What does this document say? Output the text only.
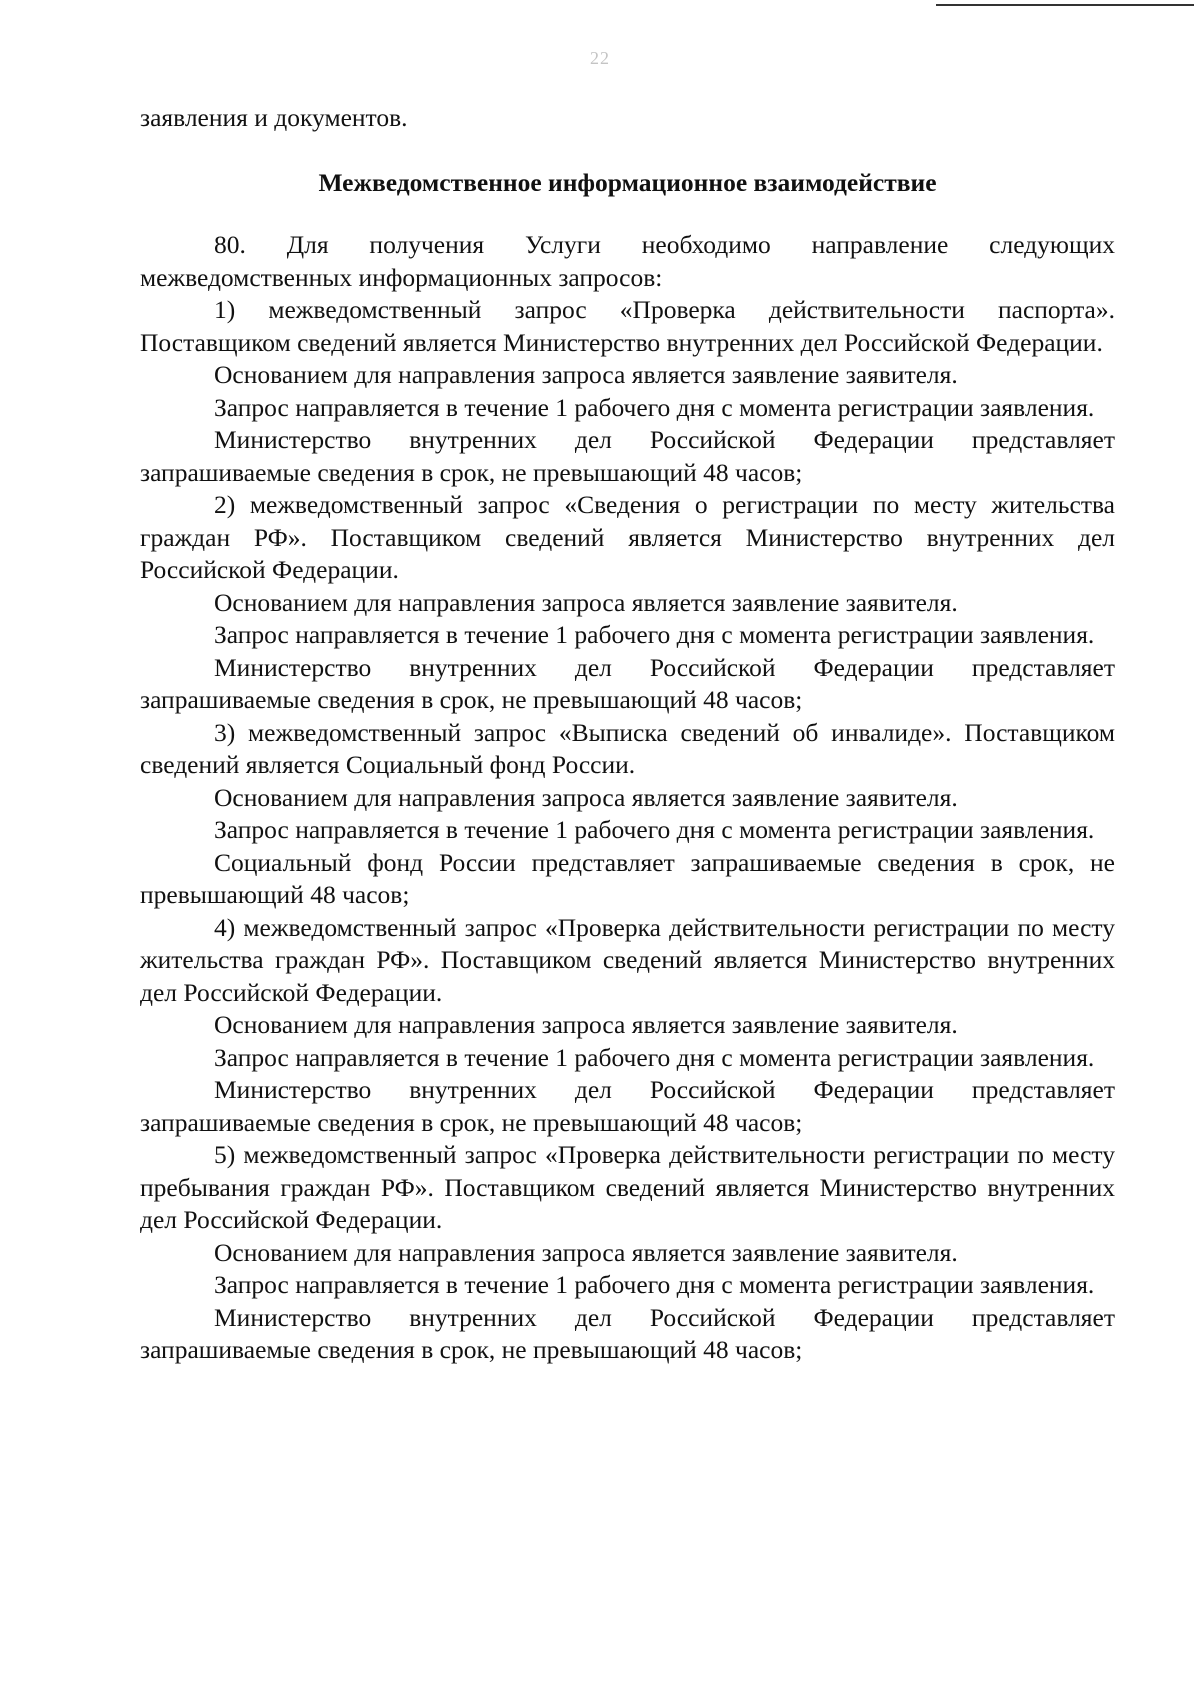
22

заявления и документов.

Межведомственное информационное взаимодействие

80. Для получения Услуги необходимо направление следующих межведомственных информационных запросов:

1) межведомственный запрос «Проверка действительности паспорта». Поставщиком сведений является Министерство внутренних дел Российской Федерации.

Основанием для направления запроса является заявление заявителя.

Запрос направляется в течение 1 рабочего дня с момента регистрации заявления.

Министерство внутренних дел Российской Федерации представляет запрашиваемые сведения в срок, не превышающий 48 часов;

2) межведомственный запрос «Сведения о регистрации по месту жительства граждан РФ». Поставщиком сведений является Министерство внутренних дел Российской Федерации.

Основанием для направления запроса является заявление заявителя.

Запрос направляется в течение 1 рабочего дня с момента регистрации заявления.

Министерство внутренних дел Российской Федерации представляет запрашиваемые сведения в срок, не превышающий 48 часов;

3) межведомственный запрос «Выписка сведений об инвалиде». Поставщиком сведений является Социальный фонд России.

Основанием для направления запроса является заявление заявителя.

Запрос направляется в течение 1 рабочего дня с момента регистрации заявления.

Социальный фонд России представляет запрашиваемые сведения в срок, не превышающий 48 часов;

4) межведомственный запрос «Проверка действительности регистрации по месту жительства граждан РФ». Поставщиком сведений является Министерство внутренних дел Российской Федерации.

Основанием для направления запроса является заявление заявителя.

Запрос направляется в течение 1 рабочего дня с момента регистрации заявления.

Министерство внутренних дел Российской Федерации представляет запрашиваемые сведения в срок, не превышающий 48 часов;

5) межведомственный запрос «Проверка действительности регистрации по месту пребывания граждан РФ». Поставщиком сведений является Министерство внутренних дел Российской Федерации.

Основанием для направления запроса является заявление заявителя.

Запрос направляется в течение 1 рабочего дня с момента регистрации заявления.

Министерство внутренних дел Российской Федерации представляет запрашиваемые сведения в срок, не превышающий 48 часов;
